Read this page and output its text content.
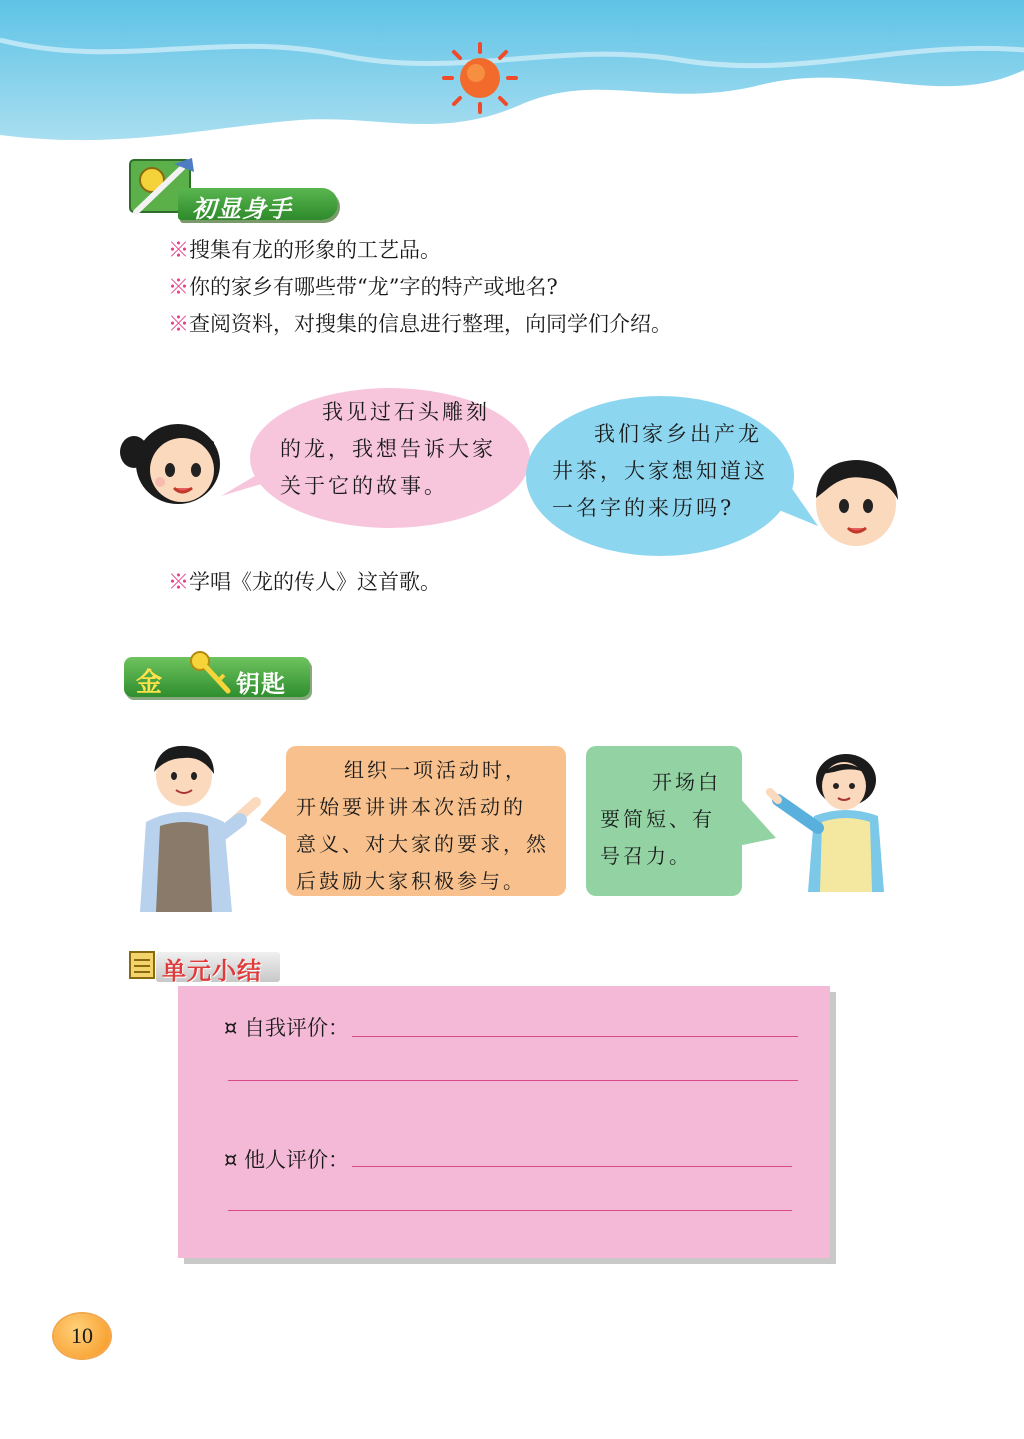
初显身手
※搜集有龙的形象的工艺品。
※你的家乡有哪些带“龙”字的特产或地名?
※查阅资料，对搜集的信息进行整理，向同学们介绍。
我见过石头雕刻
的龙，我想告诉大家
关于它的故事。
我们家乡出产龙
井茶，大家想知道这
一名字的来历吗?
※学唱《龙的传人》这首歌。
金	钥匙
组织一项活动时，
开始要讲讲本次活动的
意义、对大家的要求，然
后鼓励大家积极参与。
开场白
要简短、有
号召力。
单元小结
¤ 自我评价：
¤ 他人评价：
10
